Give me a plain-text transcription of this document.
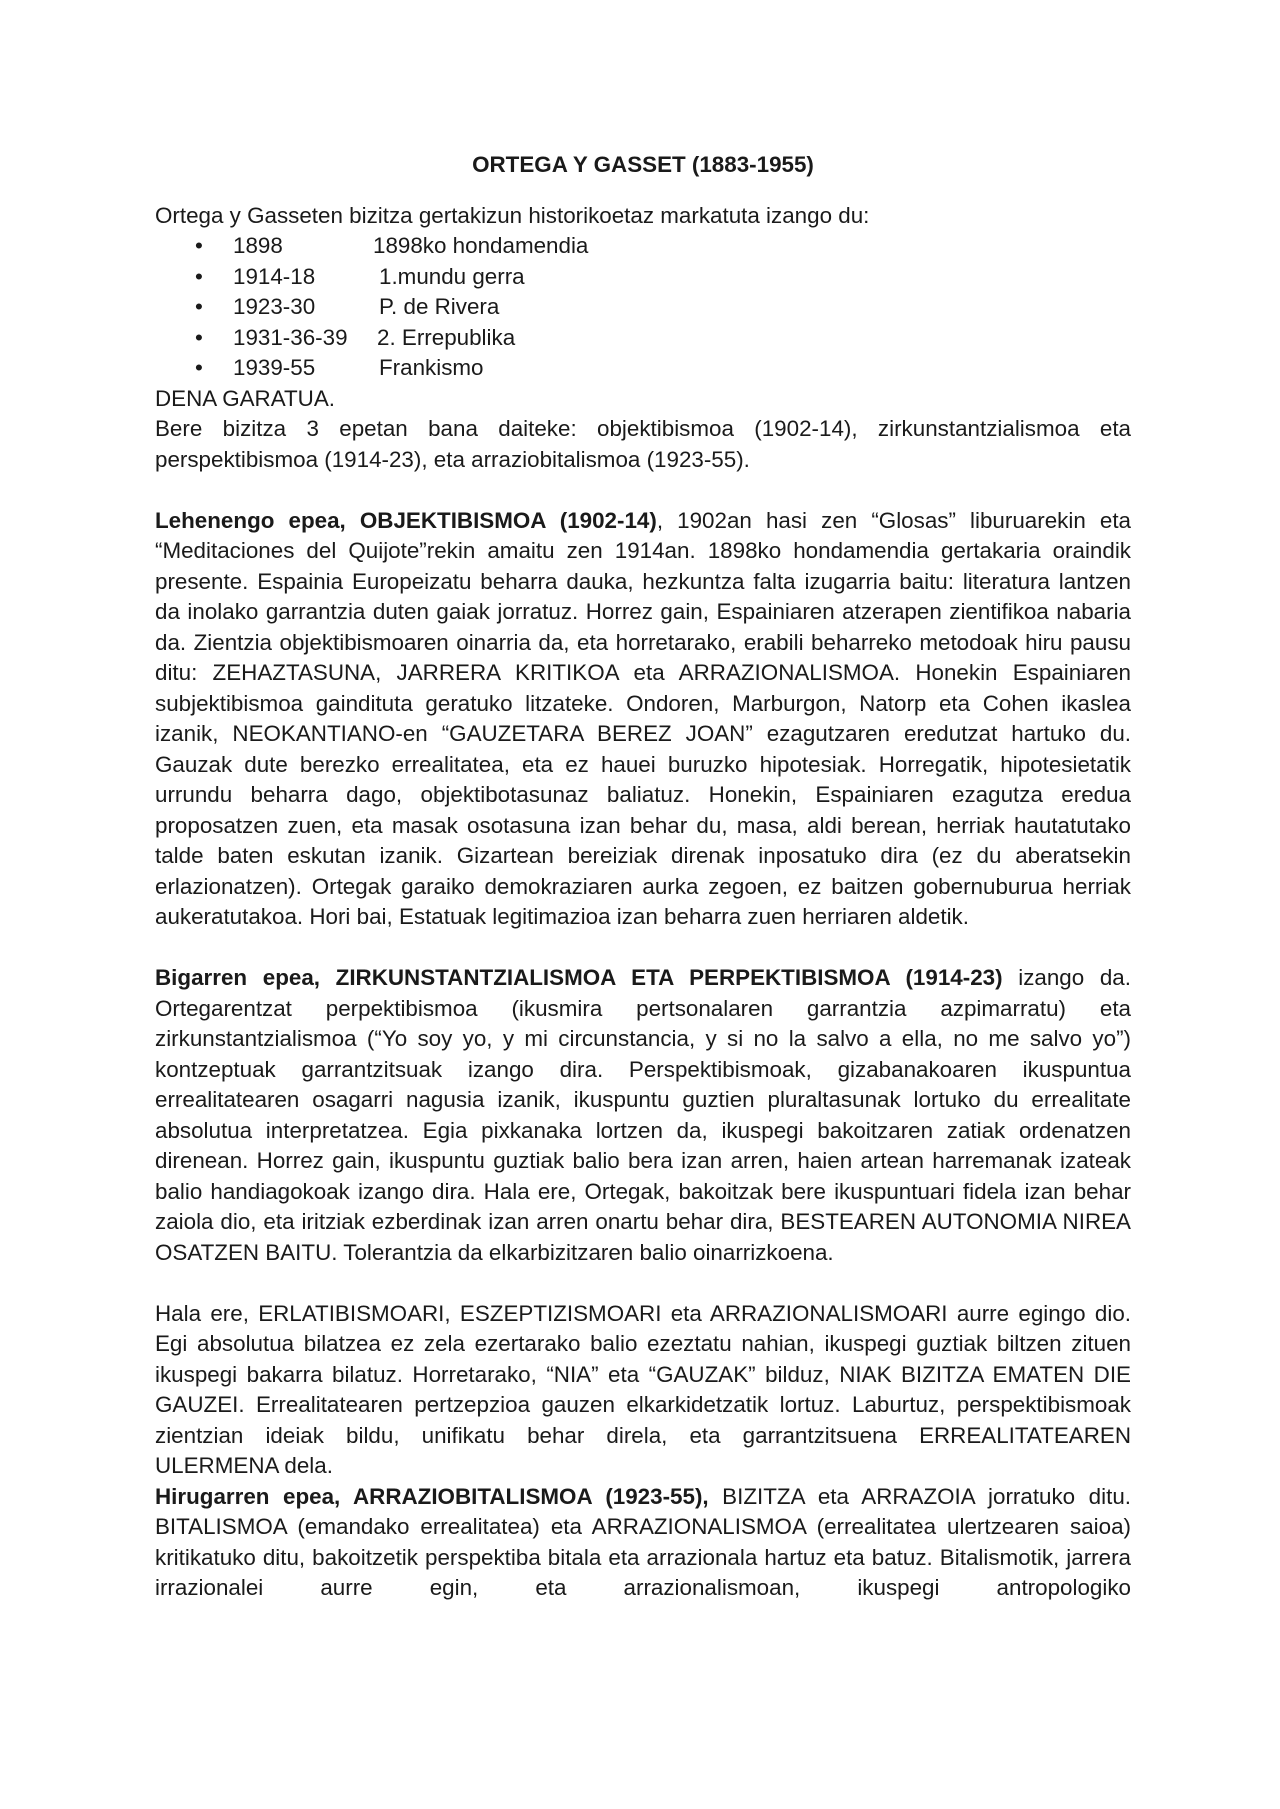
ORTEGA Y GASSET (1883-1955)

Ortega y Gasseten bizitza gertakizun historikoetaz markatuta izango du:

•	1898	1898ko hondamendia
•	1914-18	1.mundu gerra
•	1923-30	P. de Rivera
•	1931-36-39	2. Errepublika
•	1939-55	Frankismo

DENA GARATUA.

Bere bizitza 3 epetan bana daiteke: objektibismoa (1902-14), zirkunstantzialismoa eta perspektibismoa (1914-23), eta arraziobitalismoa (1923-55).

Lehenengo epea, OBJEKTIBISMOA (1902-14), 1902an hasi zen “Glosas” liburuarekin eta “Meditaciones del Quijote”rekin amaitu zen 1914an. 1898ko hondamendia gertakaria oraindik presente. Espainia Europeizatu beharra dauka, hezkuntza falta izugarria baitu: literatura lantzen da inolako garrantzia duten gaiak jorratuz. Horrez gain, Espainiaren atzerapen zientifikoa nabaria da. Zientzia objektibismoaren oinarria da, eta horretarako, erabili beharreko metodoak hiru pausu ditu: ZEHAZTASUNA, JARRERA KRITIKOA eta ARRAZIONALISMOA. Honekin Espainiaren subjektibismoa gaindituta geratuko litzateke. Ondoren, Marburgon, Natorp eta Cohen ikaslea izanik, NEOKANTIANO-en “GAUZETARA BEREZ JOAN” ezagutzaren eredutzat hartuko du. Gauzak dute berezko errealitatea, eta ez hauei buruzko hipotesiak. Horregatik, hipotesietatik urrundu beharra dago, objektibotasunaz baliatuz. Honekin, Espainiaren ezagutza eredua proposatzen zuen, eta masak osotasuna izan behar du, masa, aldi berean, herriak hautatutako talde baten eskutan izanik. Gizartean bereiziak direnak inposatuko dira (ez du aberatsekin erlazionatzen). Ortegak garaiko demokraziaren aurka zegoen, ez baitzen gobernuburua herriak aukeratutakoa. Hori bai, Estatuak legitimazioa izan beharra zuen herriaren aldetik.

Bigarren epea, ZIRKUNSTANTZIALISMOA ETA PERPEKTIBISMOA (1914-23) izango da. Ortegarentzat perpektibismoa (ikusmira pertsonalaren garrantzia azpimarratu) eta zirkunstantzialismoa (“Yo soy yo, y mi circunstancia, y si no la salvo a ella, no me salvo yo”) kontzeptuak garrantzitsuak izango dira. Perspektibismoak, gizabanakoaren ikuspuntua errealitatearen osagarri nagusia izanik, ikuspuntu guztien pluraltasunak lortuko du errealitate absolutua interpretatzea. Egia pixkanaka lortzen da, ikuspegi bakoitzaren zatiak ordenatzen direnean. Horrez gain, ikuspuntu guztiak balio bera izan arren, haien artean harremanak izateak balio handiagokoak izango dira. Hala ere, Ortegak, bakoitzak bere ikuspuntuari fidela izan behar zaiola dio, eta iritziak ezberdinak izan arren onartu behar dira, BESTEAREN AUTONOMIA NIREA OSATZEN BAITU. Tolerantzia da elkarbizitzaren balio oinarrizkoena.

Hala ere, ERLATIBISMOARI, ESZEPTIZISMOARI eta ARRAZIONALISMOARI aurre egingo dio. Egi absolutua bilatzea ez zela ezertarako balio ezeztatu nahian, ikuspegi guztiak biltzen zituen ikuspegi bakarra bilatuz. Horretarako, “NIA” eta “GAUZAK” bilduz, NIAK BIZITZA EMATEN DIE GAUZEI. Errealitatearen pertzepzioa gauzen elkarkidetzatik lortuz. Laburtuz, perspektibismoak zientzian ideiak bildu, unifikatu behar direla, eta garrantzitsuena ERREALITATEAREN ULERMENA dela.

Hirugarren epea, ARRAZIOBITALISMOA (1923-55), BIZITZA eta ARRAZOIA jorratuko ditu. BITALISMOA (emandako errealitatea) eta ARRAZIONALISMOA (errealitatea ulertzearen saioa) kritikatuko ditu, bakoitzetik perspektiba bitala eta arrazionala hartuz eta batuz. Bitalismotik, jarrera irrazionalei aurre egin, eta arrazionalismoan, ikuspegi antropologiko
